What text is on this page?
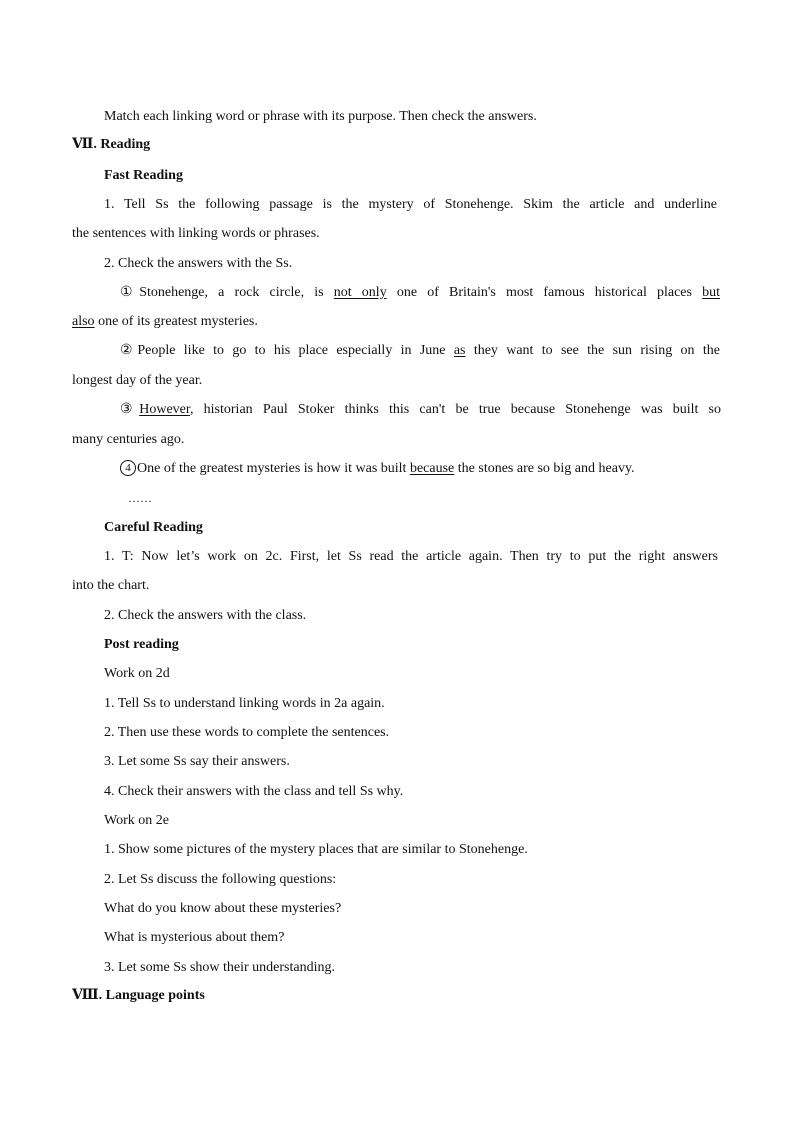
Match each linking word or phrase with its purpose. Then check the answers.
Ⅶ. Reading
Fast Reading
1. Tell Ss the following passage is the mystery of Stonehenge. Skim the article and underline
the sentences with linking words or phrases.
2. Check the answers with the Ss.
①Stonehenge, a rock circle, is not only one of Britain's most famous historical places but
also one of its greatest mysteries.
②People like to go to his place especially in June as they want to see the sun rising on the
longest day of the year.
③However, historian Paul Stoker thinks this can't be true because Stonehenge was built so
many centuries ago.
4 One of the greatest mysteries is how it was built because the stones are so big and heavy.
……
Careful Reading
1. T: Now let’s work on 2c. First, let Ss read the article again. Then try to put the right answers
into the chart.
2. Check the answers with the class.
Post reading
Work on 2d
1. Tell Ss to understand linking words in 2a again.
2. Then use these words to complete the sentences.
3. Let some Ss say their answers.
4. Check their answers with the class and tell Ss why.
Work on 2e
1. Show some pictures of the mystery places that are similar to Stonehenge.
2. Let Ss discuss the following questions:
What do you know about these mysteries?
What is mysterious about them?
3. Let some Ss show their understanding.
Ⅷ. Language points
